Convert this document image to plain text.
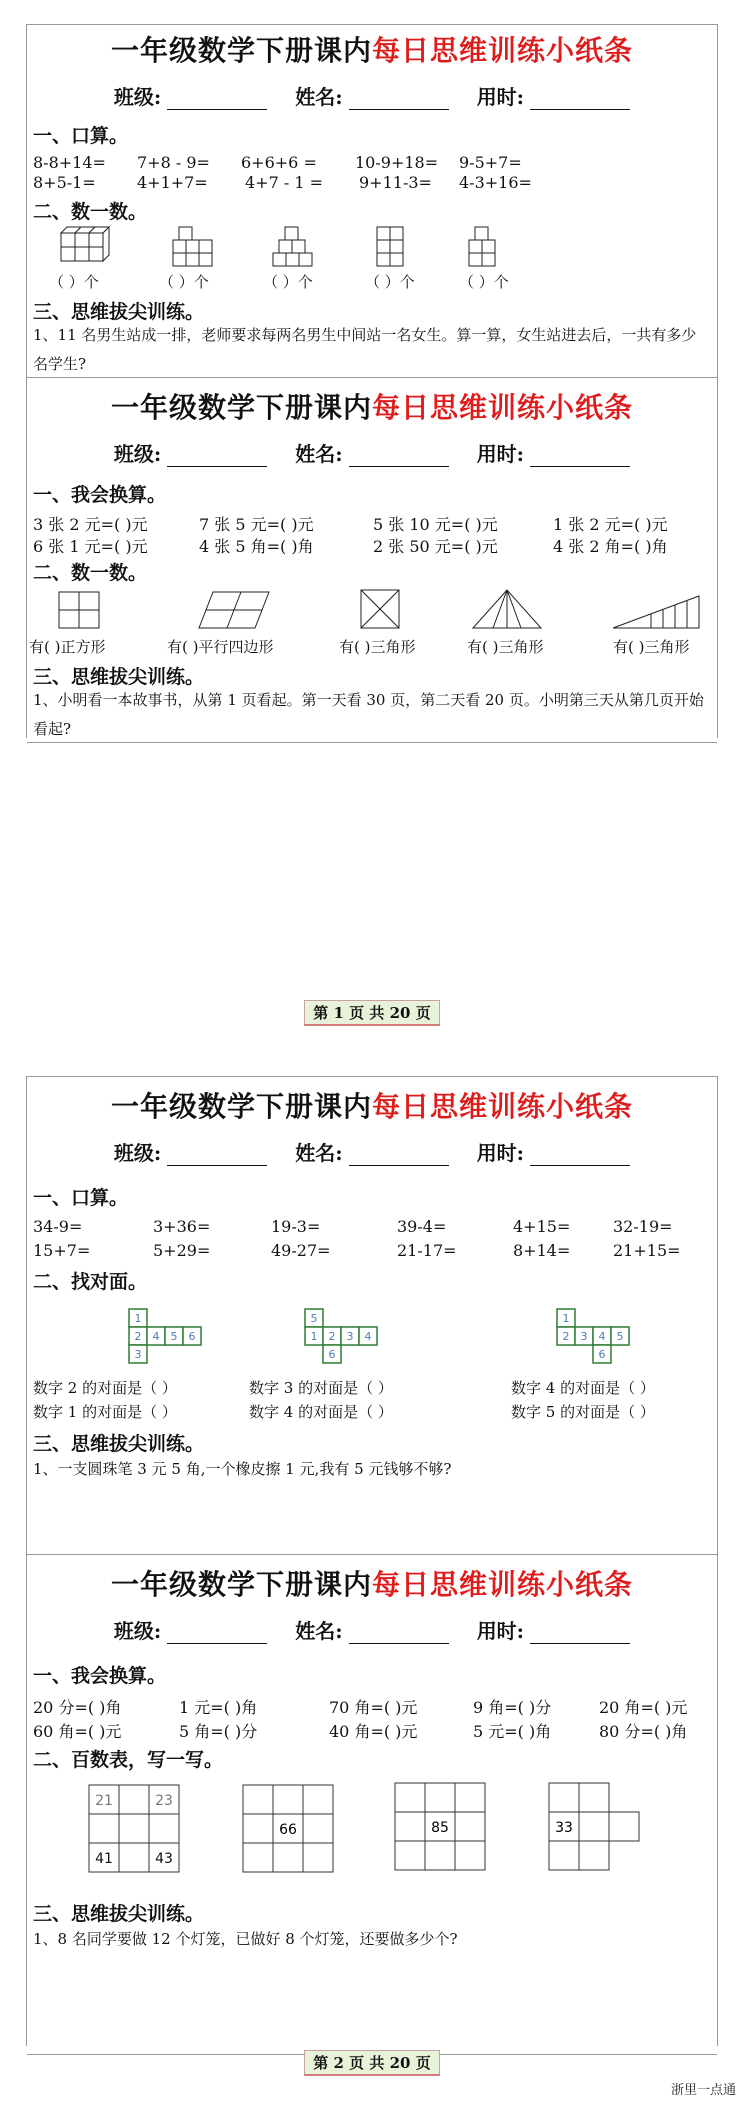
一年级数学下册课内每日思维训练小纸条
班级:	姓名:	用时:
一、口算。
8-8+14= 7+8 - 9= 6+6+6 = 10-9+18= 9-5+7=
8+5-1=	4+1+7= 4+7 - 1 = 9+11-3= 4-3+16=
二、数一数。
（ ）个	（ ）个	（ ）个	（ ）个	（ ）个
三、思维拔尖训练。
1、11 名男生站成一排，老师要求每两名男生中间站一名女生。算一算，女生站进去后，一共有多少名学生?
一年级数学下册课内每日思维训练小纸条
班级:	姓名:	用时:
一、我会换算。
3 张 2 元=( )元	7 张 5 元=( )元	5 张 10 元=( )元	1 张 2 元=( )元
6 张 1 元=( )元	4 张 5 角=( )角	2 张 50 元=( )元	4 张 2 角=( )角
二、数一数。
有( )正方形	有( )平行四边形	有( )三角形	有( )三角形	有( )三角形
三、思维拔尖训练。
1、小明看一本故事书，从第 1 页看起。第一天看 30 页，第二天看 20 页。小明第三天从第几页开始看起?
第 1 页 共 20 页
一年级数学下册课内每日思维训练小纸条
班级:	姓名:	用时:
一、口算。
34-9=	3+36=	19-3=	39-4=	4+15=	32-19=
15+7=	5+29=	49-27=	21-17=	8+14=	21+15=
二、找对面。
1
2 4 5 6
3
5
1 2 3 4
6
1
2 3 4 5
6
数字 2 的对面是（ ）	数字 3 的对面是（ ）	数字 4 的对面是（ ）
数字 1 的对面是（ ）	数字 4 的对面是（ ）	数字 5 的对面是（ ）
三、思维拔尖训练。
1、一支圆珠笔 3 元 5 角,一个橡皮擦 1 元,我有 5 元钱够不够?
一年级数学下册课内每日思维训练小纸条
班级:	姓名:	用时:
一、我会换算。
20 分=( )角	1 元=( )角	70 角=( )元	9 角=( )分	20 角=( )元
60 角=( )元	5 角=( )分	40 角=( )元	5 元=( )角	80 分=( )角
二、百数表，写一写。
21	23
41	43
66	85	33
三、思维拔尖训练。
1、8 名同学要做 12 个灯笼，已做好 8 个灯笼，还要做多少个?
第 2 页 共 20 页
浙里一点通
